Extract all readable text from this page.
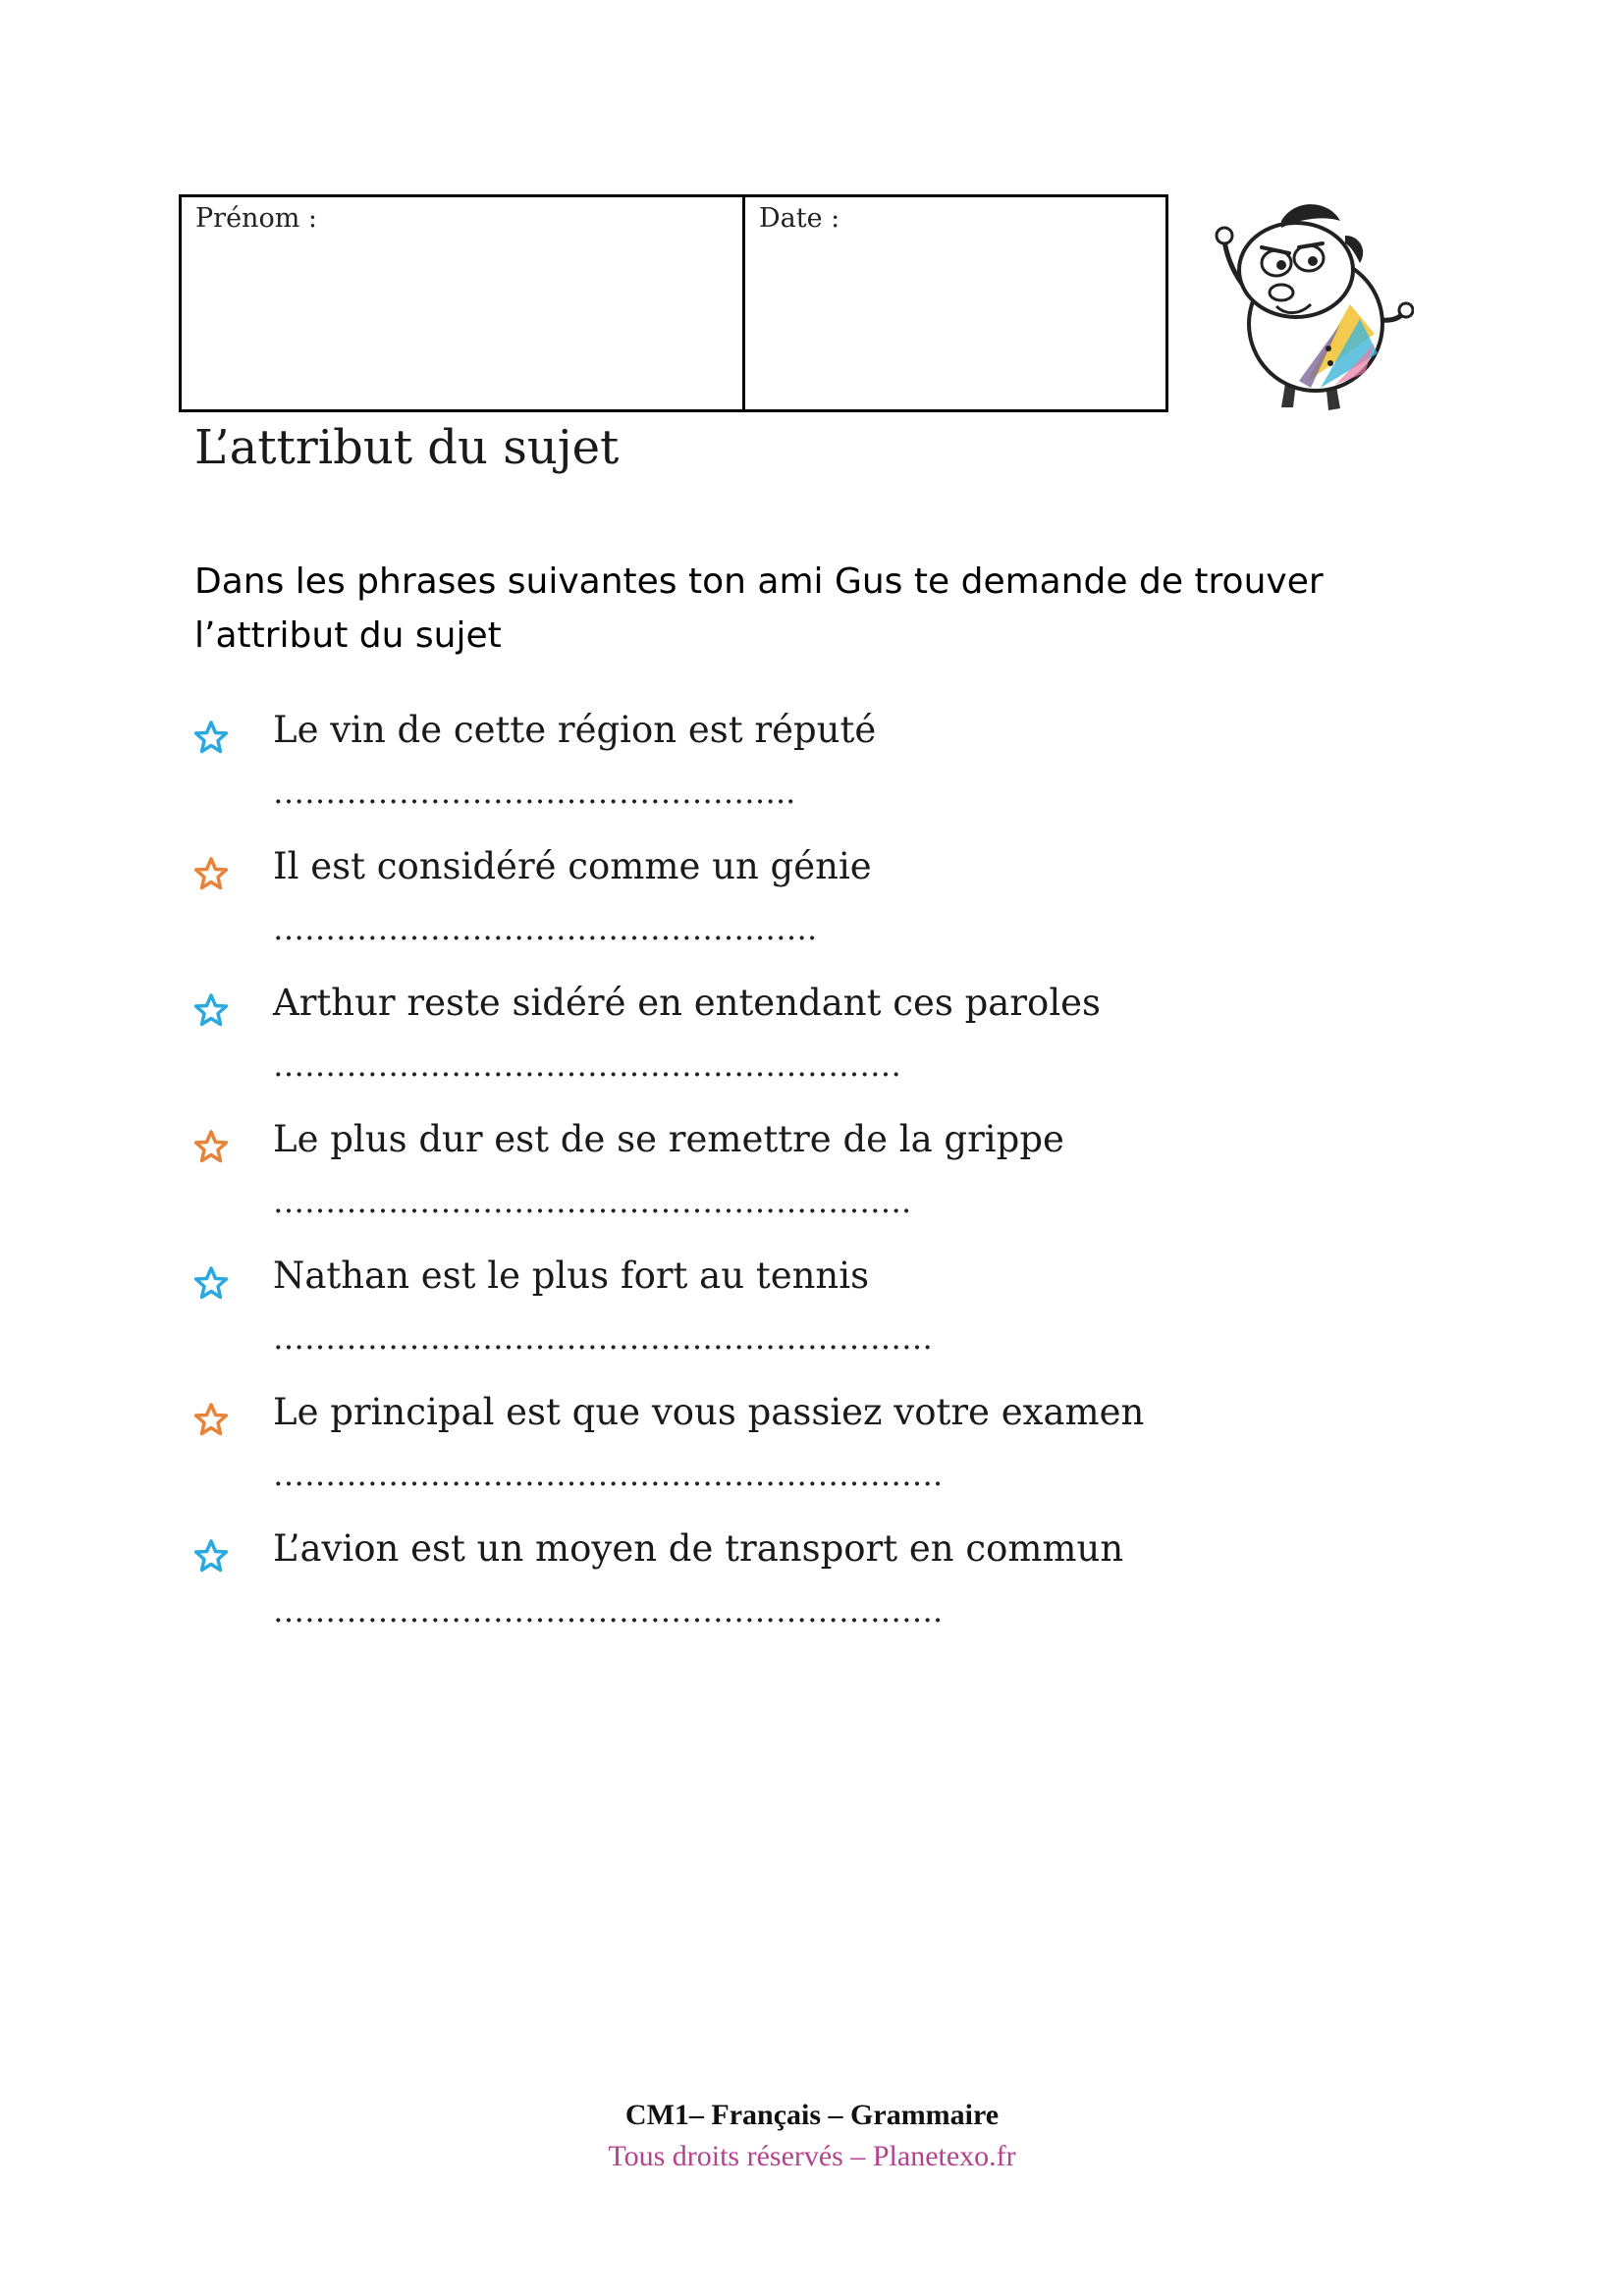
Prénom :	Date :
L’attribut du sujet

Dans les phrases suivantes ton ami Gus te demande de trouver l’attribut du sujet

Le vin de cette région est réputé
…………………………………………..
Il est considéré comme un génie
…………………………………………….
Arthur reste sidéré en entendant ces paroles
……………………………………………………
Le plus dur est de se remettre de la grippe
…………………………………………………….
Nathan est le plus fort au tennis
………………………………………………………
Le principal est que vous passiez votre examen
……………………………………………………….
L’avion est un moyen de transport en commun
……………………………………………………….
CM1– Français – Grammaire
Tous droits réservés – Planetexo.fr
